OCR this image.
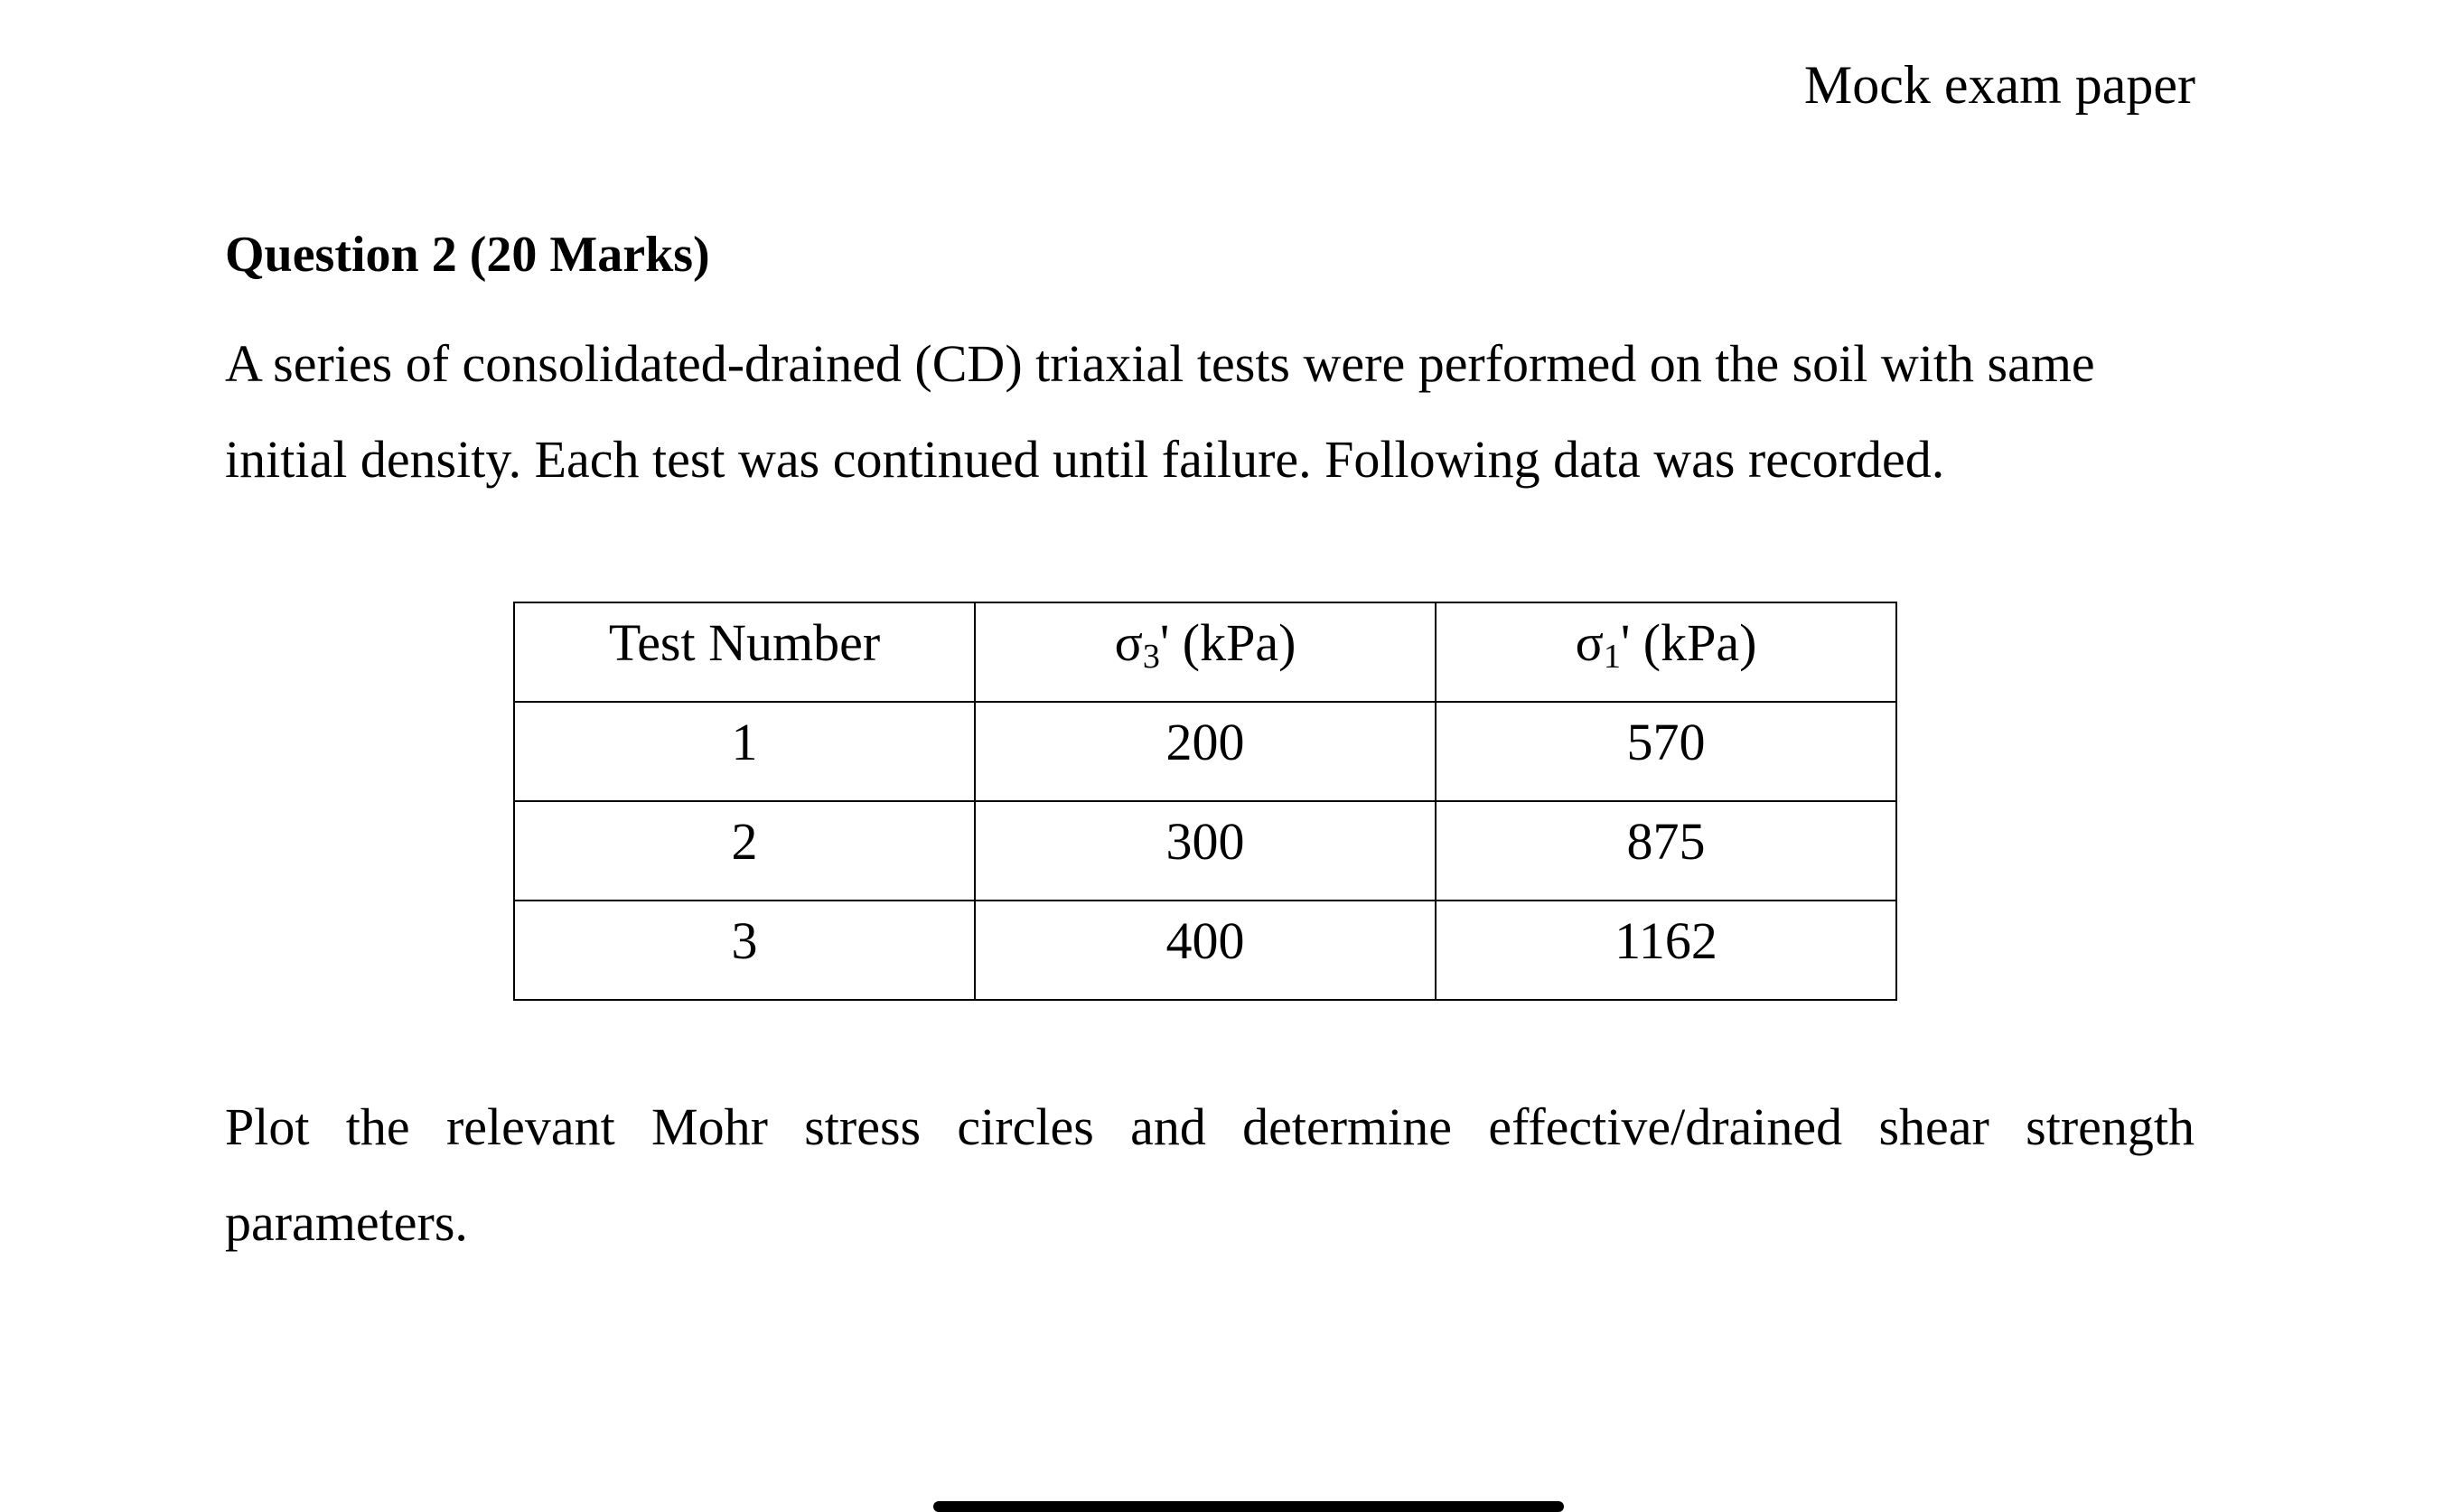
Mock exam paper
Question 2 (20 Marks)

A series of consolidated-drained (CD) triaxial tests were performed on the soil with same initial density. Each test was continued until failure. Following data was recorded.

Test Number	σ3' (kPa)	σ1' (kPa)
1	200	570
2	300	875
3	400	1162

Plot the relevant Mohr stress circles and determine effective/drained shear strength parameters.
